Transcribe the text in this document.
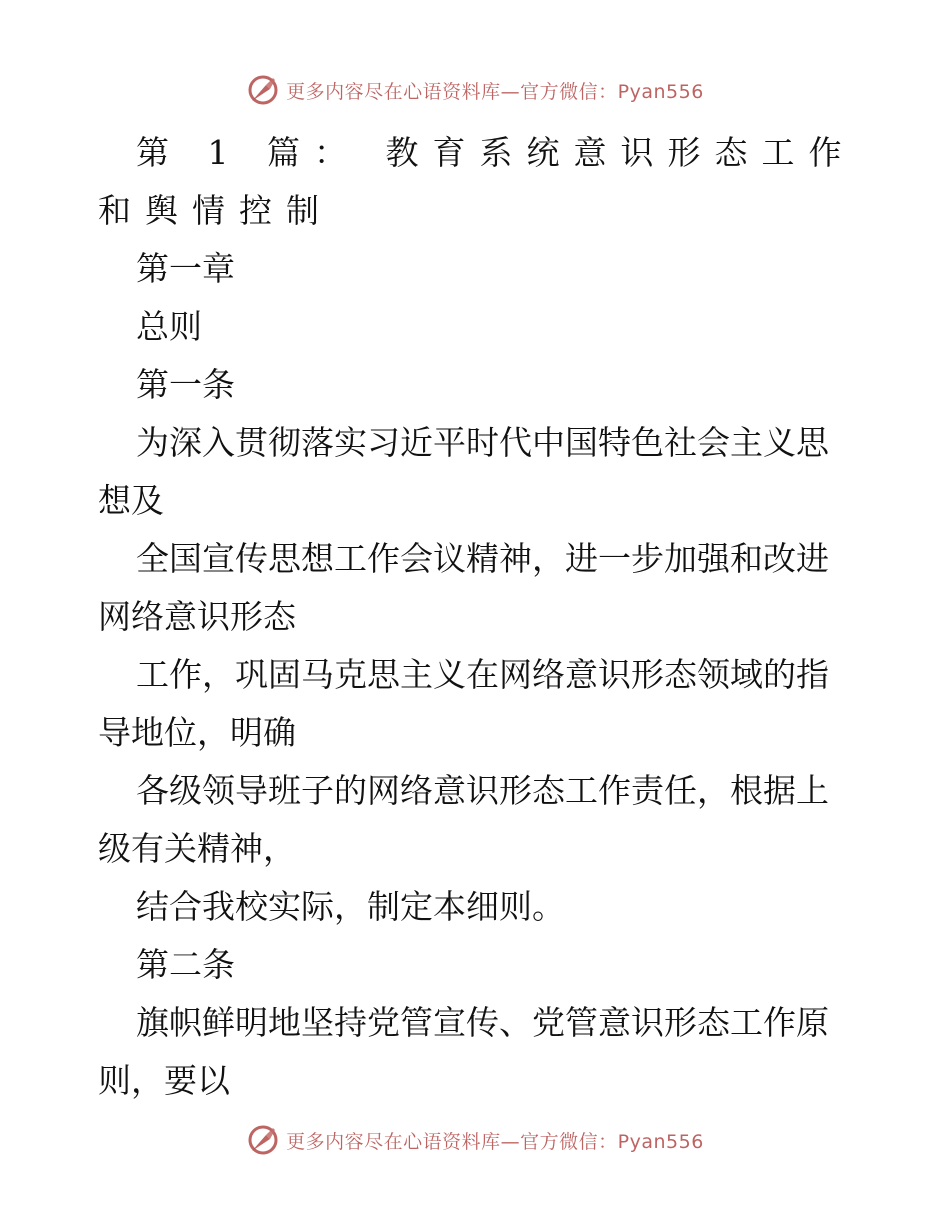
更多内容尽在心语资料库—官方微信：Pyan556

第 1 篇： 教育系统意识形态工作和舆情控制

第一章

总则

第一条

为深入贯彻落实习近平时代中国特色社会主义思想及

全国宣传思想工作会议精神，进一步加强和改进网络意识形态

工作，巩固马克思主义在网络意识形态领域的指导地位，明确

各级领导班子的网络意识形态工作责任，根据上级有关精神，

结合我校实际，制定本细则。

第二条

旗帜鲜明地坚持党管宣传、党管意识形态工作原则，要以

更多内容尽在心语资料库—官方微信：Pyan556
